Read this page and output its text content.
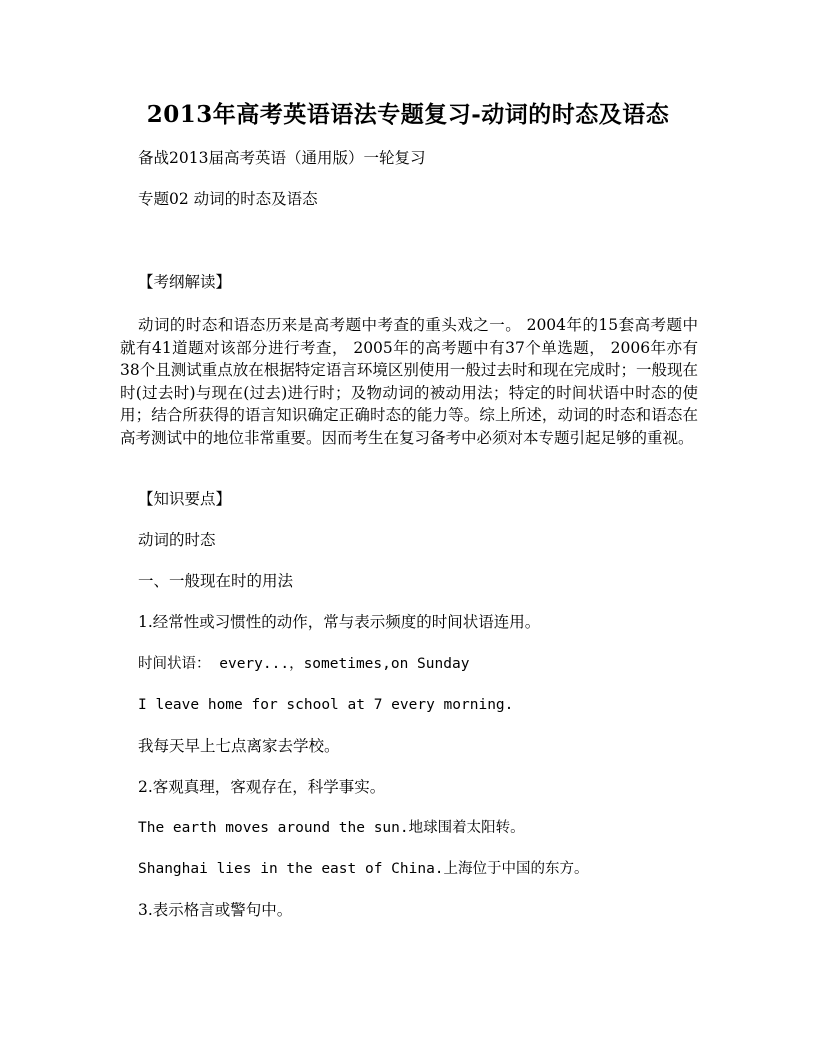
2013年高考英语语法专题复习-动词的时态及语态
备战2013届高考英语（通用版）一轮复习
专题02 动词的时态及语态
【考纲解读】
动词的时态和语态历来是高考题中考查的重头戏之一。 2004年的15套高考题中就有41道题对该部分进行考查， 2005年的高考题中有37个单选题， 2006年亦有38个且测试重点放在根据特定语言环境区别使用一般过去时和现在完成时；一般现在时(过去时)与现在(过去)进行时；及物动词的被动用法；特定的时间状语中时态的使用；结合所获得的语言知识确定正确时态的能力等。综上所述，动词的时态和语态在高考测试中的地位非常重要。因而考生在复习备考中必须对本专题引起足够的重视。
【知识要点】
动词的时态
一、一般现在时的用法
1.经常性或习惯性的动作，常与表示频度的时间状语连用。
时间状语： every...，sometimes,on Sunday
I leave home for school at 7 every morning.
我每天早上七点离家去学校。
2.客观真理，客观存在，科学事实。
The earth moves around the sun.地球围着太阳转。
Shanghai lies in the east of China.上海位于中国的东方。
3.表示格言或警句中。
